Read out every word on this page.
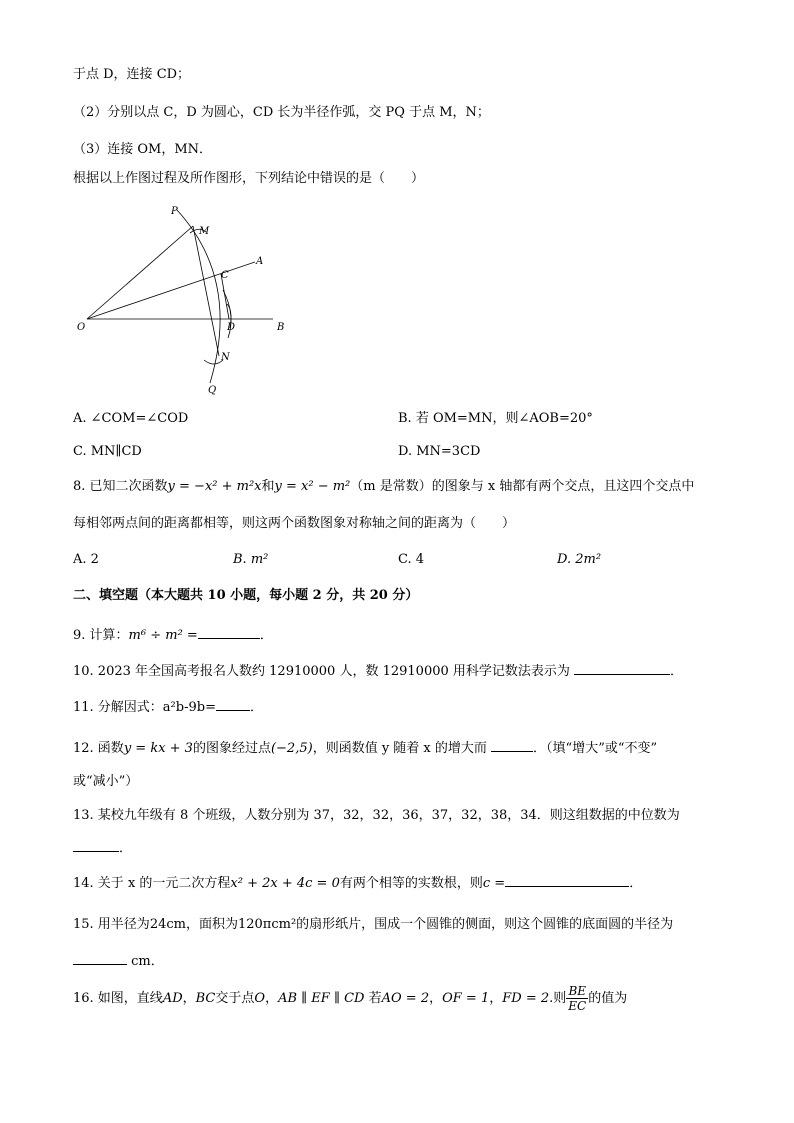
于点 D，连接 CD；
（2）分别以点 C，D 为圆心，CD 长为半径作弧，交 PQ 于点 M，N；
（3）连接 OM，MN．
根据以上作图过程及所作图形，下列结论中错误的是（　　）
P
M
A
C
O	D	B
N
Q
A. ∠COM=∠COD	B. 若 OM=MN，则∠AOB=20°
C. MN∥CD	D. MN=3CD
8. 已知二次函数y = −x² + m²x和y = x² − m²（m 是常数）的图象与 x 轴都有两个交点，且这四个交点中
每相邻两点间的距离都相等，则这两个函数图象对称轴之间的距离为（　　）
A. 2	B. m²	C. 4	D. 2m²
二、填空题（本大题共 10 小题，每小题 2 分，共 20 分）
9. 计算：m⁶ ÷ m² =	．
10. 2023 年全国高考报名人数约 12910000 人，数 12910000 用科学记数法表示为	．
11. 分解因式：a²b-9b=	．
12. 函数y = kx + 3的图象经过点(−2,5)，则函数值 y 随着 x 的增大而	．（填“增大”或“不变”
或“减小”）
13. 某校九年级有 8 个班级，人数分别为 37，32，32，36，37，32，38，34．则这组数据的中位数为
．
14. 关于 x 的一元二次方程x² + 2x + 4c = 0有两个相等的实数根，则c =	．
15. 用半径为24cm，面积为120πcm²的扇形纸片，围成一个圆锥的侧面，则这个圆锥的底面圆的半径为
cm．
16. 如图，直线AD，BC交于点O，AB ∥ EF ∥ CD 若AO = 2，OF = 1，FD = 2.则 $\frac{BE}{EC}$ 的值为
